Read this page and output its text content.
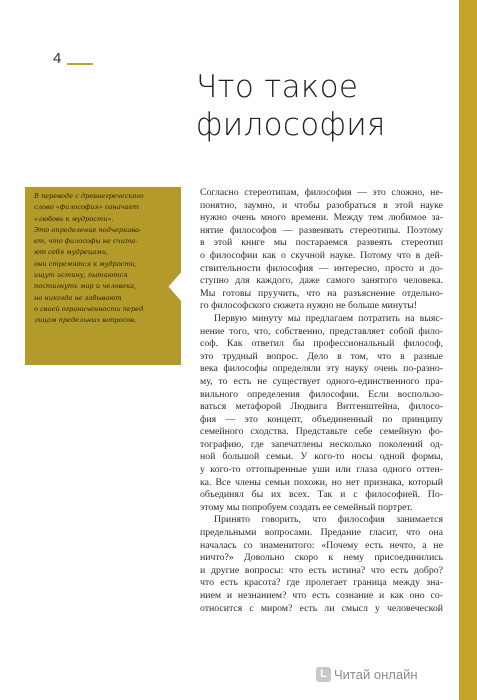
4
Что такое
философия
В переводе с древнегреческого
слово «философия» означает
«любовь к мудрости».
Это определение подчеркива-
ет, что философы не счита-
ют себя мудрецами,
они стремятся к мудрости,
ищут истину, пытаются
постигнуть мир и человека,
но никогда не забывают
о своей ограниченности перед
лицом предельных вопросов.
Согласно стереотипам, философия — это сложно, не-
понятно, заумно, и чтобы разобраться в этой науке
нужно очень много времени. Между тем любимое за-
нятие философов — развеивать стереотипы. Поэтому
в этой книге мы постараемся развеять стереотип
о философии как о скучной науке. Потому что в дей-
ствительности философия — интересно, просто и до-
ступно для каждого, даже самого занятого человека.
Мы готовы пруучить, что на разъяснение отдельно-
го философского сюжета нужно не больше минуты!
Первую минуту мы предлагаем потратить на выяс-
нение того, что, собственно, представляет собой фило-
соф. Как ответил бы профессиональный философ,
это трудный вопрос. Дело в том, что в разные
века философы определяли эту науку очень по-разно-
му, то есть не существует одного-единственного пра-
вильного определения философии. Если воспользо-
ваться метафорой Людвига Витгенштейна, филосо-
фия — это концепт, объединенный по принципу
семейного сходства. Представьте себе семейную фо-
тографию, где запечатлены несколько поколений од-
ной большой семьи. У кого-то носы одной формы,
у кого-то оттопыренные уши или глаза одного оттен-
ка. Все члены семьи похожи, но нет признака, который
объединял бы их всех. Так и с философией. По-
этому мы попробуем создать ее семейный портрет.
Принято говорить, что философия занимается
предельными вопросами. Предание гласит, что она
началась со знаменитого: «Почему есть нечто, а не
ничто?» Довольно скоро к нему присоединились
и другие вопросы: что есть истина? что есть добро?
что есть красота? где пролегает граница между зна-
нием и незнанием? что есть сознание и как оно со-
относится с миром? есть ли смысл у человеческой
L Читай онлайн
